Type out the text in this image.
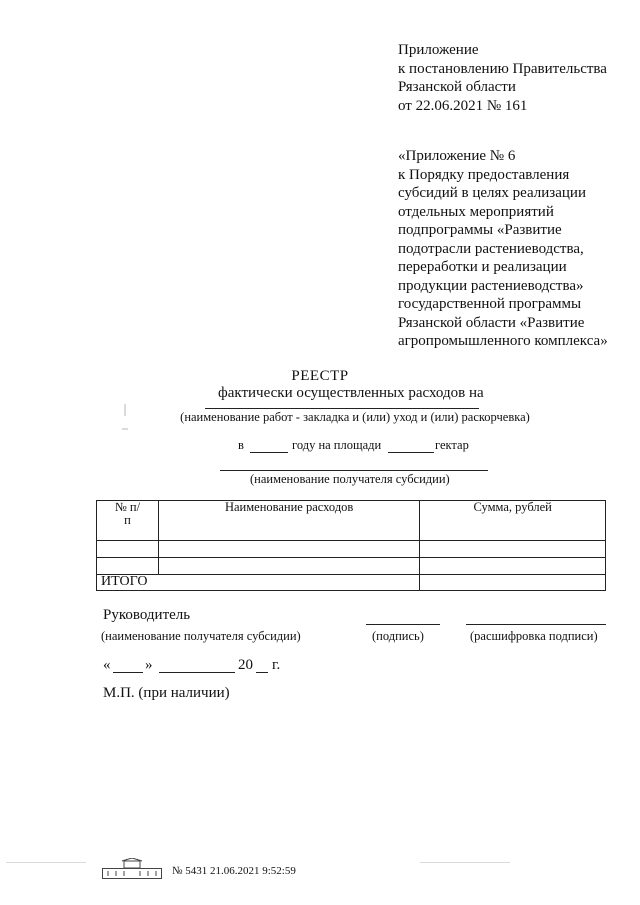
Приложение
к постановлению Правительства
Рязанской области
от 22.06.2021 № 161
«Приложение № 6
к Порядку предоставления
субсидий в целях реализации
отдельных мероприятий
подпрограммы «Развитие
подотрасли растениеводства,
переработки и реализации
продукции растениеводства»
государственной программы
Рязанской области «Развитие
агропромышленного комплекса»
РЕЕСТР
фактически осуществленных расходов на
(наименование работ - закладка и (или) уход и (или) раскорчевка)
в	году на площади	гектар
(наименование получателя субсидии)
№ п/п	Наименование расходов	Сумма, рублей

ИТОГО		
Руководитель
(наименование получателя субсидии)	(подпись)	(расшифровка подписи)
« »	20 г.
М.П. (при наличии)
№ 5431 21.06.2021 9:52:59
